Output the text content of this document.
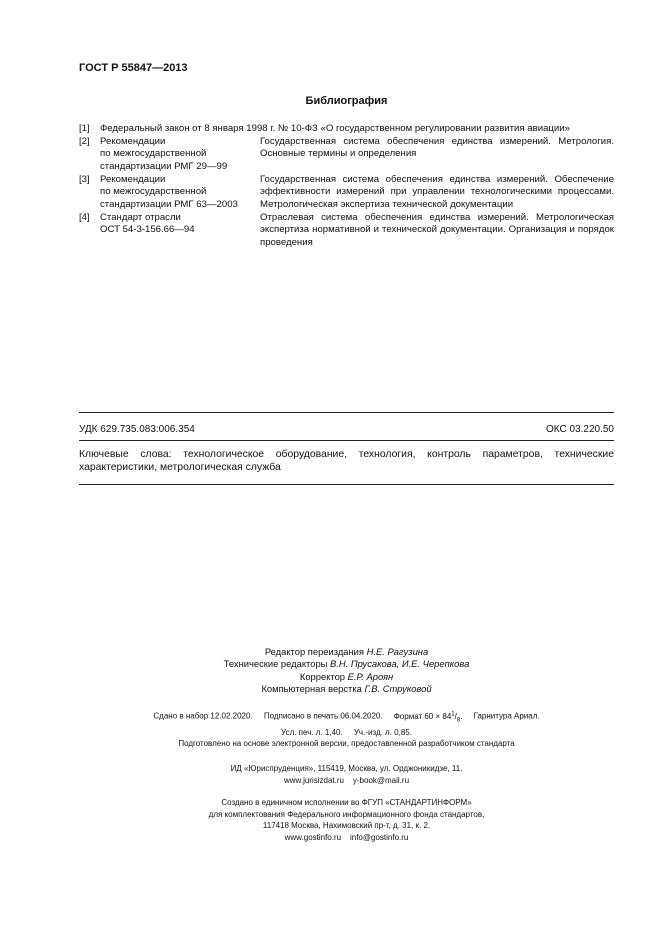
ГОСТ Р 55847—2013
Библиография
[1] Федеральный закон от 8 января 1998 г. № 10-ФЗ «О государственном регулировании развития авиации»
[2] Рекомендации
по межгосударственной
стандартизации РМГ 29—99
Государственная система обеспечения единства измерений. Метрология. Основные термины и определения
[3] Рекомендации
по межгосударственной
стандартизации РМГ 63—2003
Государственная система обеспечения единства измерений. Обеспечение эффективности измерений при управлении технологическими процессами. Метрологическая экспертиза технической документации
[4] Стандарт отрасли
ОСТ 54-3-156.66—94
Отраслевая система обеспечения единства измерений. Метрологическая экспертиза нормативной и технической документации. Организация и порядок проведения
УДК 629.735.083:006.354	ОКС 03.220.50
Ключевые слова: технологическое оборудование, технология, контроль параметров, технические характеристики, метрологическая служба
Редактор переиздания Н.Е. Рагузина
Технические редакторы В.Н. Прусакова, И.Е. Черепкова
Корректор Е.Р. Ароян
Компьютерная верстка Г.В. Струковой
Сдано в набор 12.02.2020. Подписано в печать 06.04.2020. Формат $60 \times 84^1/_8$. Гарнитура Ариал.
Усл. печ. л. 1,40. Уч.-изд. л. 0,85.
Подготовлено на основе электронной версии, предоставленной разработчиком стандарта
ИД «Юриспруденция», 115419, Москва, ул. Орджоникидзе, 11.
www.jurisizdat.ru    y-book@mail.ru
Создано в единичном исполнении во ФГУП «СТАНДАРТИНФОРМ»
для комплектования Федерального информационного фонда стандартов,
117418 Москва, Нахимовский пр-т, д. 31, к. 2.
www.gostinfo.ru    info@gostinfo.ru
